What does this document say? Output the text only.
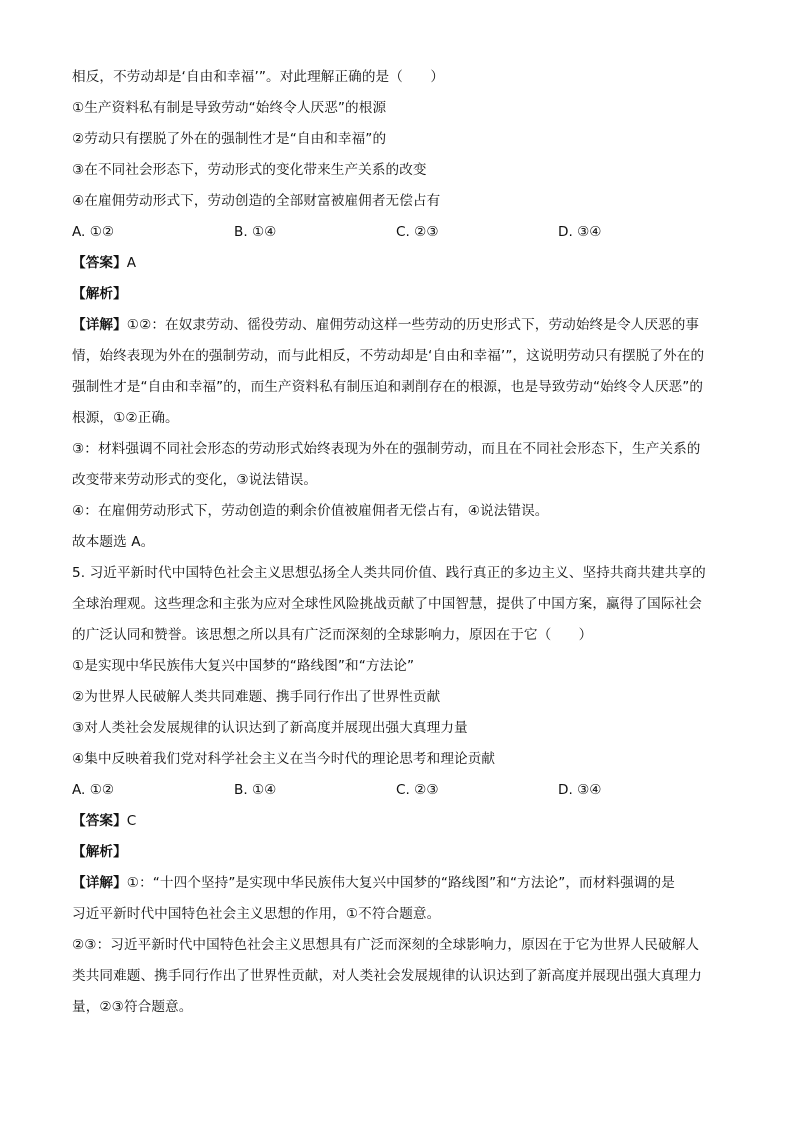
相反，不劳动却是‘自由和幸福’”。对此理解正确的是（　　）
①生产资料私有制是导致劳动“始终令人厌恶”的根源
②劳动只有摆脱了外在的强制性才是“自由和幸福”的
③在不同社会形态下，劳动形式的变化带来生产关系的改变
④在雇佣劳动形式下，劳动创造的全部财富被雇佣者无偿占有
A. ①②	B. ①④	C. ②③	D. ③④
【答案】A
【解析】
【详解】①②：在奴隶劳动、徭役劳动、雇佣劳动这样一些劳动的历史形式下，劳动始终是令人厌恶的事
情，始终表现为外在的强制劳动，而与此相反，不劳动却是‘自由和幸福’”，这说明劳动只有摆脱了外在的
强制性才是“自由和幸福”的，而生产资料私有制压迫和剥削存在的根源，也是导致劳动“始终令人厌恶”的
根源，①②正确。
③：材料强调不同社会形态的劳动形式始终表现为外在的强制劳动，而且在不同社会形态下，生产关系的
改变带来劳动形式的变化，③说法错误。
④：在雇佣劳动形式下，劳动创造的剩余价值被雇佣者无偿占有，④说法错误。
故本题选 A。
5. 习近平新时代中国特色社会主义思想弘扬全人类共同价值、践行真正的多边主义、坚持共商共建共享的
全球治理观。这些理念和主张为应对全球性风险挑战贡献了中国智慧，提供了中国方案，赢得了国际社会
的广泛认同和赞誉。该思想之所以具有广泛而深刻的全球影响力，原因在于它（　　）
①是实现中华民族伟大复兴中国梦的“路线图”和“方法论”
②为世界人民破解人类共同难题、携手同行作出了世界性贡献
③对人类社会发展规律的认识达到了新高度并展现出强大真理力量
④集中反映着我们党对科学社会主义在当今时代的理论思考和理论贡献
A. ①②	B. ①④	C. ②③	D. ③④
【答案】C
【解析】
【详解】①：“十四个坚持”是实现中华民族伟大复兴中国梦的“路线图”和“方法论”，而材料强调的是
习近平新时代中国特色社会主义思想的作用，①不符合题意。
②③：习近平新时代中国特色社会主义思想具有广泛而深刻的全球影响力，原因在于它为世界人民破解人
类共同难题、携手同行作出了世界性贡献，对人类社会发展规律的认识达到了新高度并展现出强大真理力
量，②③符合题意。
